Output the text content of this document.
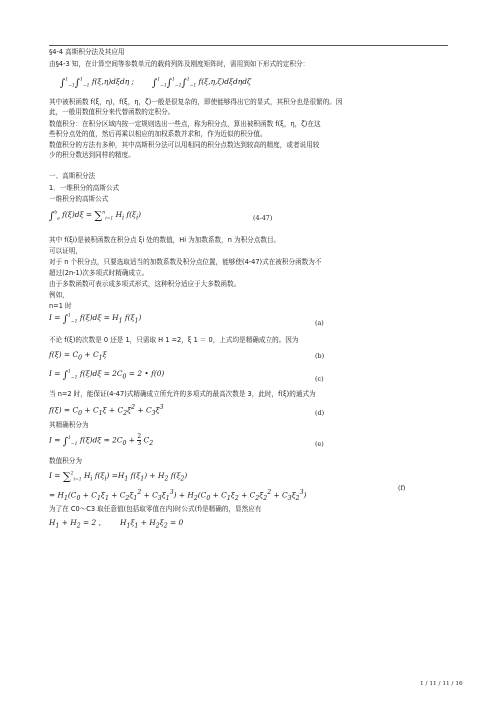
§4-4 高斯积分法及其应用
由§4-3 知，在计算空间等参数单元的载荷列阵及刚度矩阵时，需用到如下形式的定积分：
∫$^1_{-1}$∫$^1_{-1}$ f(ξ,η)dξdη ; ∫$^1_{-1}$∫$^1_{-1}$∫$^1_{-1}$ f(ξ,η,ζ)dξdηdζ
其中被积函数 f(ξ，η)，f(ξ，η，ζ)一般是很复杂的，即使能够得出它的显式，其积分也是很繁的。因
此，一般用数值积分来代替函数的定积分。
数值积分：在积分区域内按一定规则选出一些点，称为积分点，算出被积函数 f(ξ，η，ζ)在这
些积分点处的值，然后再乘以相应的加权系数并求和，作为近似的积分值。
数值积分的方法有多种，其中高斯积分法可以用相同的积分点数达到较高的精度，或者说用较
少的积分数达到同样的精度。
一、高斯积分法
1．一维积分的高斯公式
一维积分的高斯公式
∫$^b_a$ f(ξ)dξ = ∑$^n_{i=1}$ $H_i$ $f(\xi_i)$	(4-47)
其中 f(ξi)是被积函数在积分点 ξi 处的数值，Hi 为加数系数，n 为积分点数目。
可以证明，
对于 n 个积分点，只要选取适当的加数系数及积分点位置，能够使(4-47)式在被积分函数为不
超过(2n-1)次多项式时精确成立。
由于多数函数可表示成多项式形式，这种积分适应于大多数函数。
例如，
n=1 时
I = ∫$^1_{-1}$ $f(\xi)d\xi = H_1$ $f(\xi_1)$
(a)
不论 f(ξ)的次数是 0 还是 1，只需取 H 1 =2，ξ 1 ＝ 0，上式均是精确成立的。因为
$f(\xi) = C_0 + C_1\xi$	(b)
I = ∫$^1_{-1}$ $f(\xi)d\xi = 2C_0 = 2$ • f(0)
(c)
当 n=2 时，能保证(4-47)式精确成立所允许的多项式的最高次数是 3，此时，f(ξ)的通式为
$f(\xi) = C_0 + C_1\xi + C_2\xi^2 + C_3\xi^3$
(d)
其精确积分为
I = ∫$^1_{-1}$ $f(\xi)d\xi = 2C_0 + \frac{2}{3} C_2$	(e)
数值积分为
I = ∑$^2_{i=1}$ $H_i$ $f(\xi_i) =H_1$ $f(\xi_1) + H_2$ $f(\xi_2)$
= $H_1(C_0 + C_1\xi_1 + C_2\xi_1^2 + C_3\xi_1^3) + H_2(C_0 + C_1\xi_2 + C_2\xi_2^2 + C_3\xi_2^3)$
(f)
为了在 C0～C3 取任意值(包括取零值在内)时公式(f)是精确的，显然应有
$H_1 + H_2 = 2$ ,	$H_1\xi_1 + H_2\xi_2 = 0$
1 / 11 / 11 / 16
